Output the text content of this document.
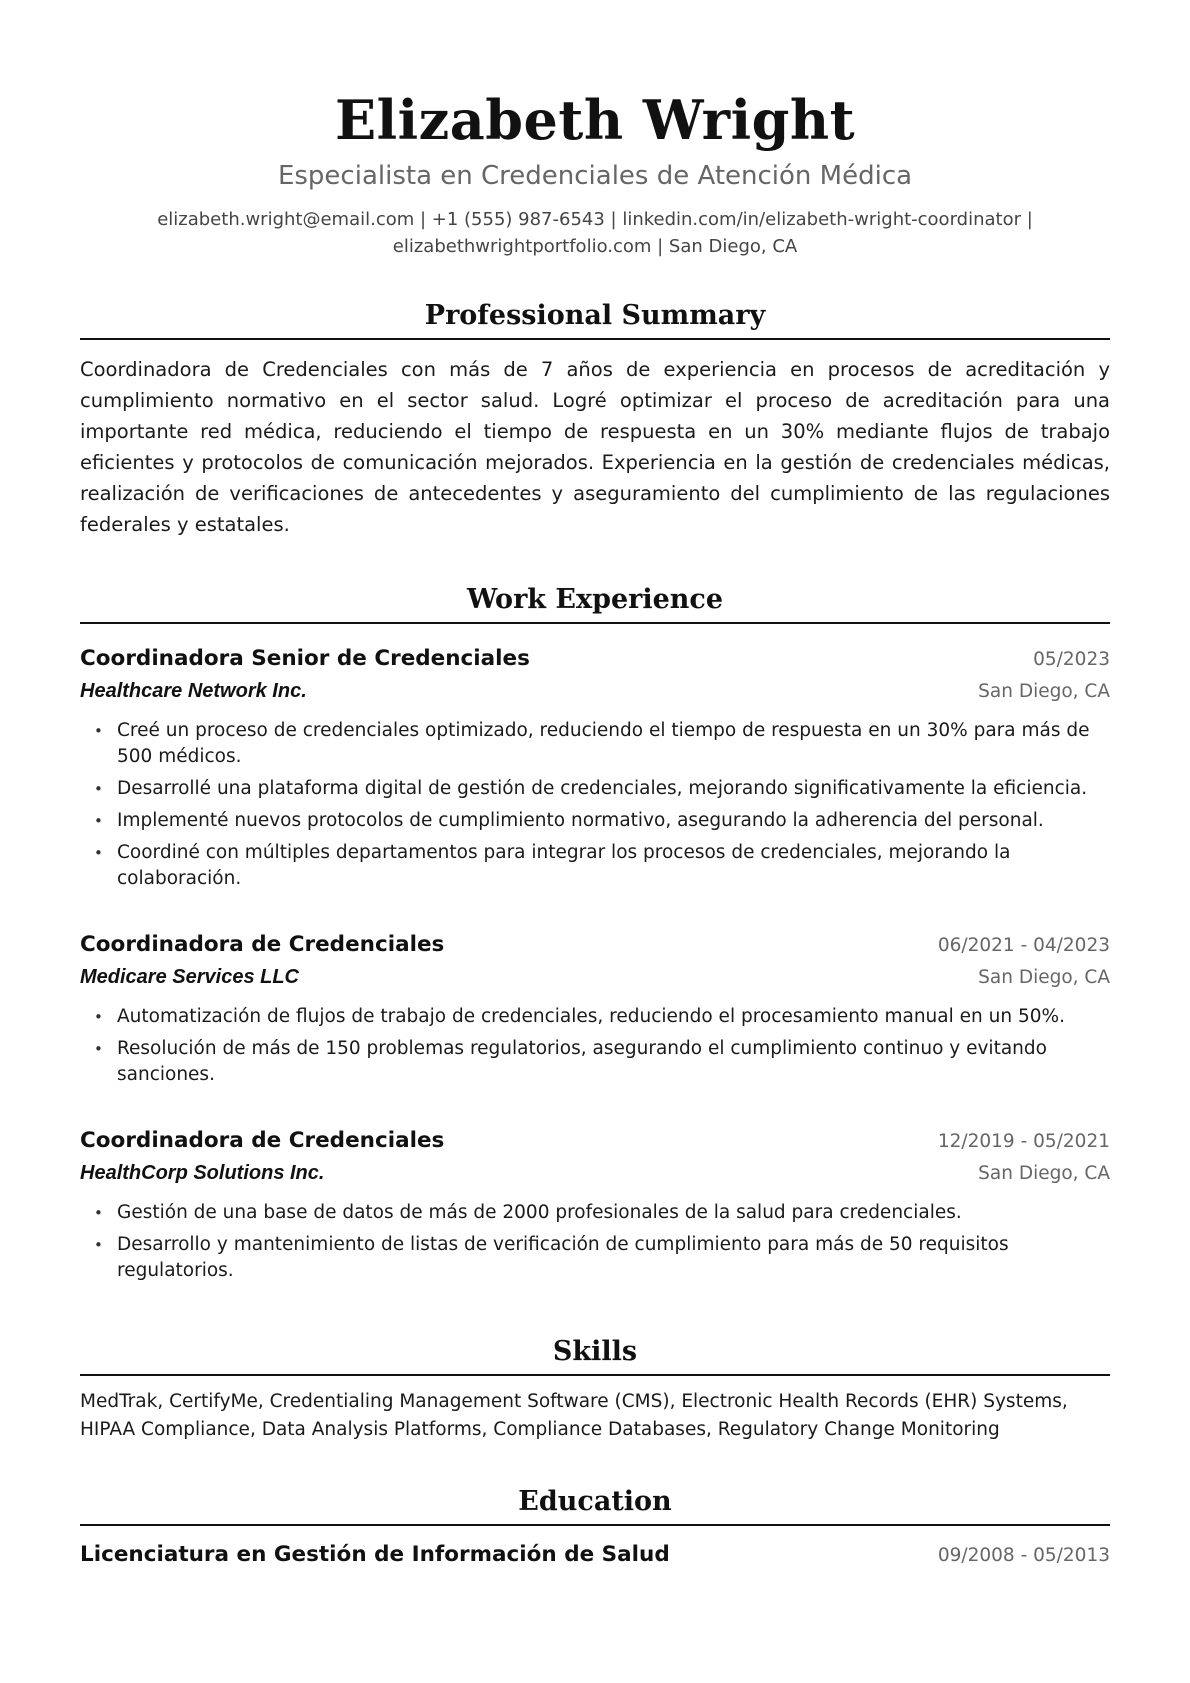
Elizabeth Wright
Especialista en Credenciales de Atención Médica
elizabeth.wright@email.com | +1 (555) 987-6543 | linkedin.com/in/elizabeth-wright-coordinator |
elizabethwrightportfolio.com | San Diego, CA
Professional Summary
Coordinadora de Credenciales con más de 7 años de experiencia en procesos de acreditación y cumplimiento normativo en el sector salud. Logré optimizar el proceso de acreditación para una importante red médica, reduciendo el tiempo de respuesta en un 30% mediante flujos de trabajo eficientes y protocolos de comunicación mejorados. Experiencia en la gestión de credenciales médicas, realización de verificaciones de antecedentes y aseguramiento del cumplimiento de las regulaciones federales y estatales.
Work Experience
Coordinadora Senior de Credenciales	05/2023
Healthcare Network Inc.	San Diego, CA
• Creé un proceso de credenciales optimizado, reduciendo el tiempo de respuesta en un 30% para más de 500 médicos.
• Desarrollé una plataforma digital de gestión de credenciales, mejorando significativamente la eficiencia.
• Implementé nuevos protocolos de cumplimiento normativo, asegurando la adherencia del personal.
• Coordiné con múltiples departamentos para integrar los procesos de credenciales, mejorando la colaboración.
Coordinadora de Credenciales	06/2021 - 04/2023
Medicare Services LLC	San Diego, CA
• Automatización de flujos de trabajo de credenciales, reduciendo el procesamiento manual en un 50%.
• Resolución de más de 150 problemas regulatorios, asegurando el cumplimiento continuo y evitando sanciones.
Coordinadora de Credenciales	12/2019 - 05/2021
HealthCorp Solutions Inc.	San Diego, CA
• Gestión de una base de datos de más de 2000 profesionales de la salud para credenciales.
• Desarrollo y mantenimiento de listas de verificación de cumplimiento para más de 50 requisitos regulatorios.
Skills
MedTrak, CertifyMe, Credentialing Management Software (CMS), Electronic Health Records (EHR) Systems, HIPAA Compliance, Data Analysis Platforms, Compliance Databases, Regulatory Change Monitoring
Education
Licenciatura en Gestión de Información de Salud	09/2008 - 05/2013
